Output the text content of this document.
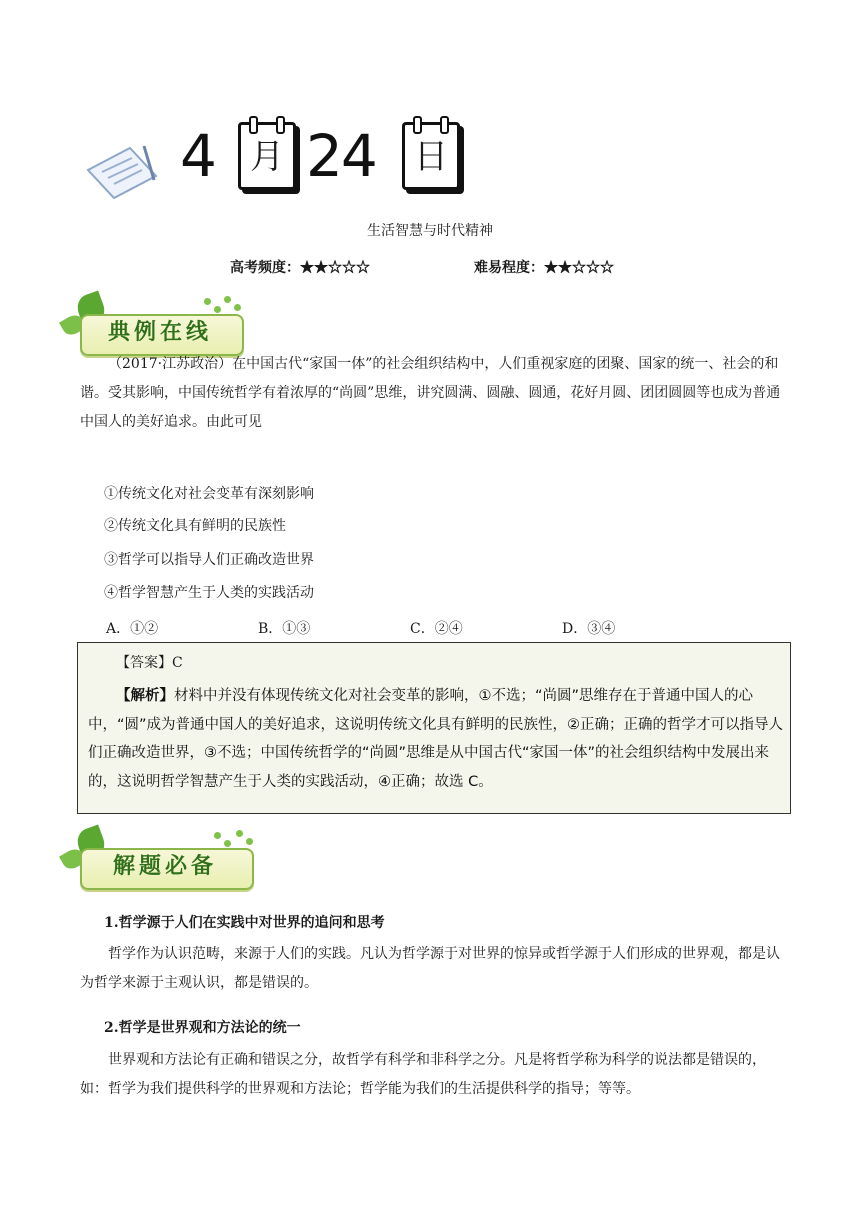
4 月 24 日
生活智慧与时代精神
高考频度：★★☆☆☆	难易程度：★★☆☆☆
典例在线
（2017·江苏政治）在中国古代“家国一体”的社会组织结构中，人们重视家庭的团聚、国家的统一、社会的和谐。受其影响，中国传统哲学有着浓厚的“尚圆”思维，讲究圆满、圆融、圆通，花好月圆、团团圆圆等也成为普通中国人的美好追求。由此可见
①传统文化对社会变革有深刻影响
②传统文化具有鲜明的民族性
③哲学可以指导人们正确改造世界
④哲学智慧产生于人类的实践活动
A．①②	B．①③	C．②④	D．③④
【答案】C
【解析】材料中并没有体现传统文化对社会变革的影响，①不选；“尚圆”思维存在于普通中国人的心中，“圆”成为普通中国人的美好追求，这说明传统文化具有鲜明的民族性，②正确；正确的哲学才可以指导人们正确改造世界，③不选；中国传统哲学的“尚圆”思维是从中国古代“家国一体”的社会组织结构中发展出来的，这说明哲学智慧产生于人类的实践活动，④正确；故选 C。
解题必备
1.哲学源于人们在实践中对世界的追问和思考
哲学作为认识范畴，来源于人们的实践。凡认为哲学源于对世界的惊异或哲学源于人们形成的世界观，都是认为哲学来源于主观认识，都是错误的。
2.哲学是世界观和方法论的统一
世界观和方法论有正确和错误之分，故哲学有科学和非科学之分。凡是将哲学称为科学的说法都是错误的，如：哲学为我们提供科学的世界观和方法论；哲学能为我们的生活提供科学的指导；等等。
